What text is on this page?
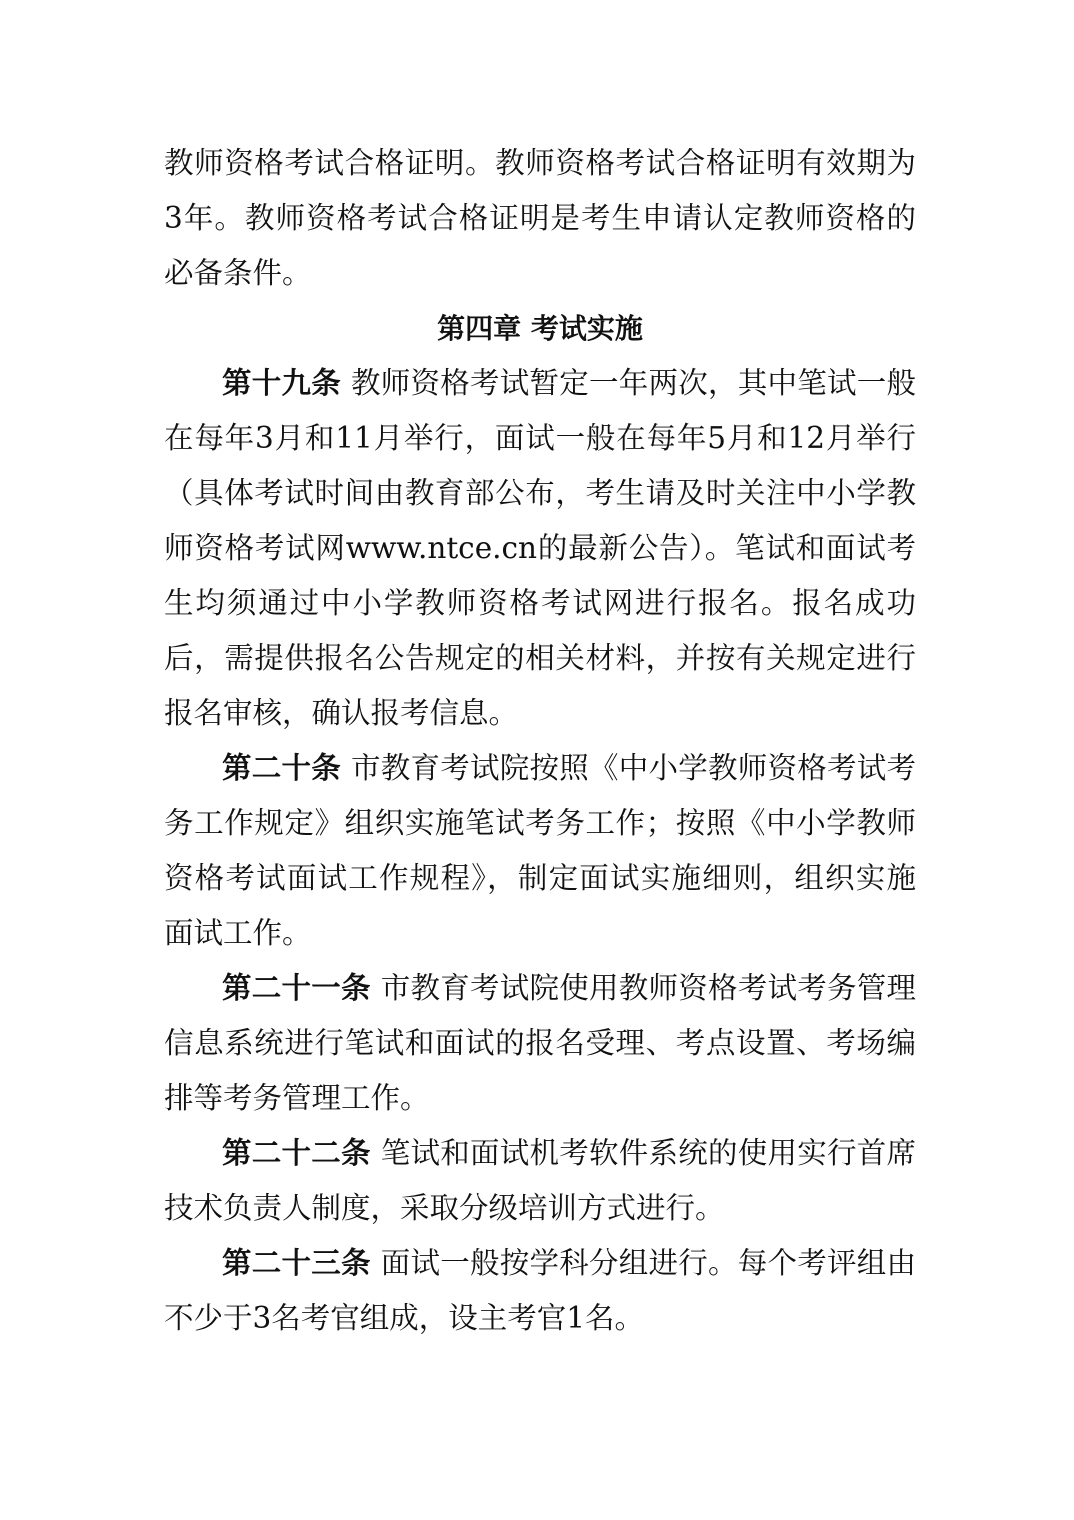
教师资格考试合格证明。教师资格考试合格证明有效期为3年。教师资格考试合格证明是考生申请认定教师资格的必备条件。

第四章 考试实施

第十九条 教师资格考试暂定一年两次，其中笔试一般在每年3月和11月举行，面试一般在每年5月和12月举行（具体考试时间由教育部公布，考生请及时关注中小学教师资格考试网www.ntce.cn的最新公告）。笔试和面试考生均须通过中小学教师资格考试网进行报名。报名成功后，需提供报名公告规定的相关材料，并按有关规定进行报名审核，确认报考信息。

第二十条 市教育考试院按照《中小学教师资格考试考务工作规定》组织实施笔试考务工作；按照《中小学教师资格考试面试工作规程》，制定面试实施细则，组织实施面试工作。

第二十一条 市教育考试院使用教师资格考试考务管理信息系统进行笔试和面试的报名受理、考点设置、考场编排等考务管理工作。

第二十二条 笔试和面试机考软件系统的使用实行首席技术负责人制度，采取分级培训方式进行。

第二十三条 面试一般按学科分组进行。每个考评组由不少于3名考官组成，设主考官1名。
